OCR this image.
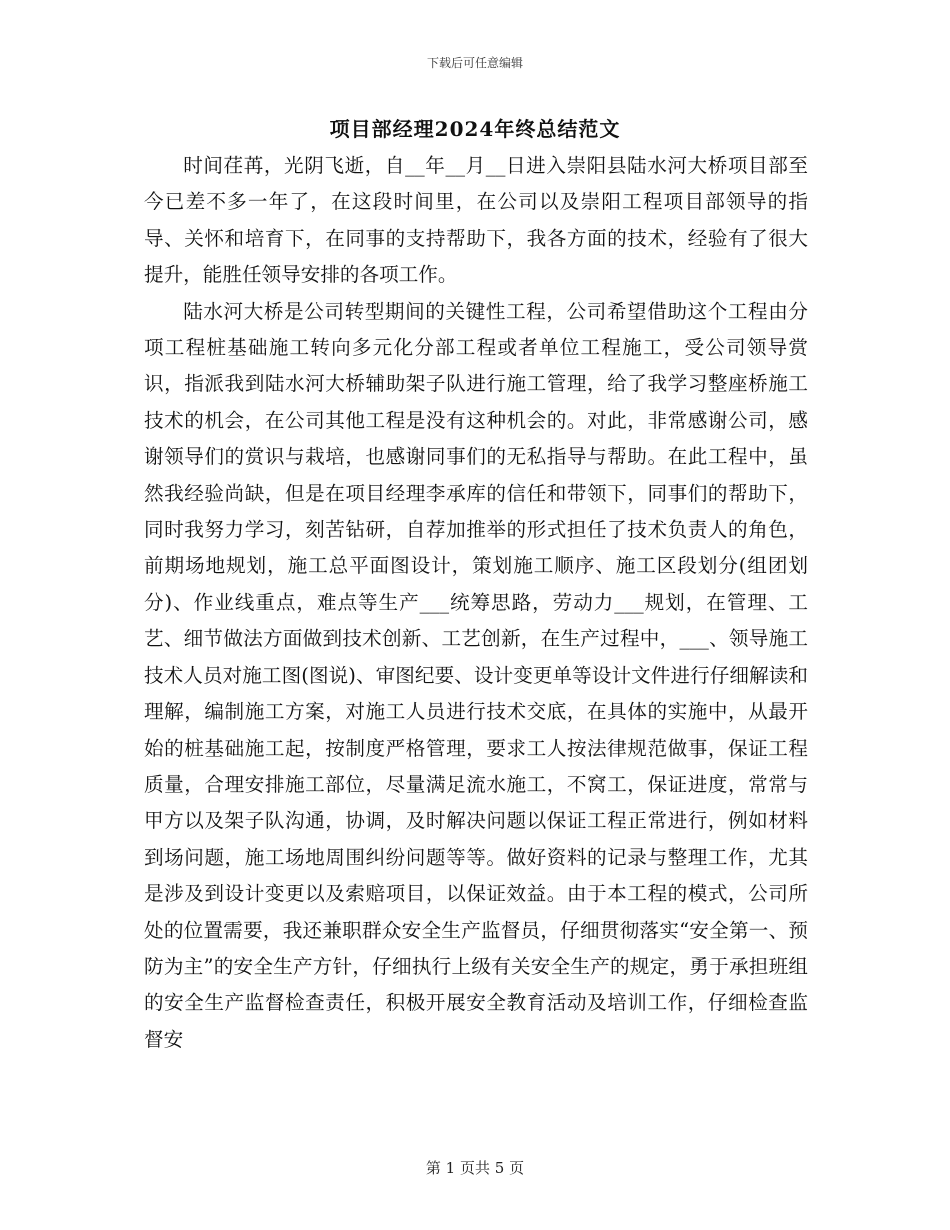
下载后可任意编辑
项目部经理2024年终总结范文

时间荏苒，光阴飞逝，自__年__月__日进入崇阳县陆水河大桥项目部至今已差不多一年了，在这段时间里，在公司以及崇阳工程项目部领导的指导、关怀和培育下，在同事的支持帮助下，我各方面的技术，经验有了很大提升，能胜任领导安排的各项工作。

陆水河大桥是公司转型期间的关键性工程，公司希望借助这个工程由分项工程桩基础施工转向多元化分部工程或者单位工程施工，受公司领导赏识，指派我到陆水河大桥辅助架子队进行施工管理，给了我学习整座桥施工技术的机会，在公司其他工程是没有这种机会的。对此，非常感谢公司，感谢领导们的赏识与栽培，也感谢同事们的无私指导与帮助。在此工程中，虽然我经验尚缺，但是在项目经理李承库的信任和带领下，同事们的帮助下，同时我努力学习，刻苦钻研，自荐加推举的形式担任了技术负责人的角色，前期场地规划，施工总平面图设计，策划施工顺序、施工区段划分(组团划分)、作业线重点，难点等生产___统筹思路，劳动力___规划，在管理、工艺、细节做法方面做到技术创新、工艺创新，在生产过程中，___、领导施工技术人员对施工图(图说)、审图纪要、设计变更单等设计文件进行仔细解读和理解，编制施工方案，对施工人员进行技术交底，在具体的实施中，从最开始的桩基础施工起，按制度严格管理，要求工人按法律规范做事，保证工程质量，合理安排施工部位，尽量满足流水施工，不窝工，保证进度，常常与甲方以及架子队沟通，协调，及时解决问题以保证工程正常进行，例如材料到场问题，施工场地周围纠纷问题等等。做好资料的记录与整理工作，尤其是涉及到设计变更以及索赔项目，以保证效益。由于本工程的模式，公司所处的位置需要，我还兼职群众安全生产监督员，仔细贯彻落实“安全第一、预防为主”的安全生产方针，仔细执行上级有关安全生产的规定，勇于承担班组的安全生产监督检查责任，积极开展安全教育活动及培训工作，仔细检查监督安

第 1 页共 5 页
